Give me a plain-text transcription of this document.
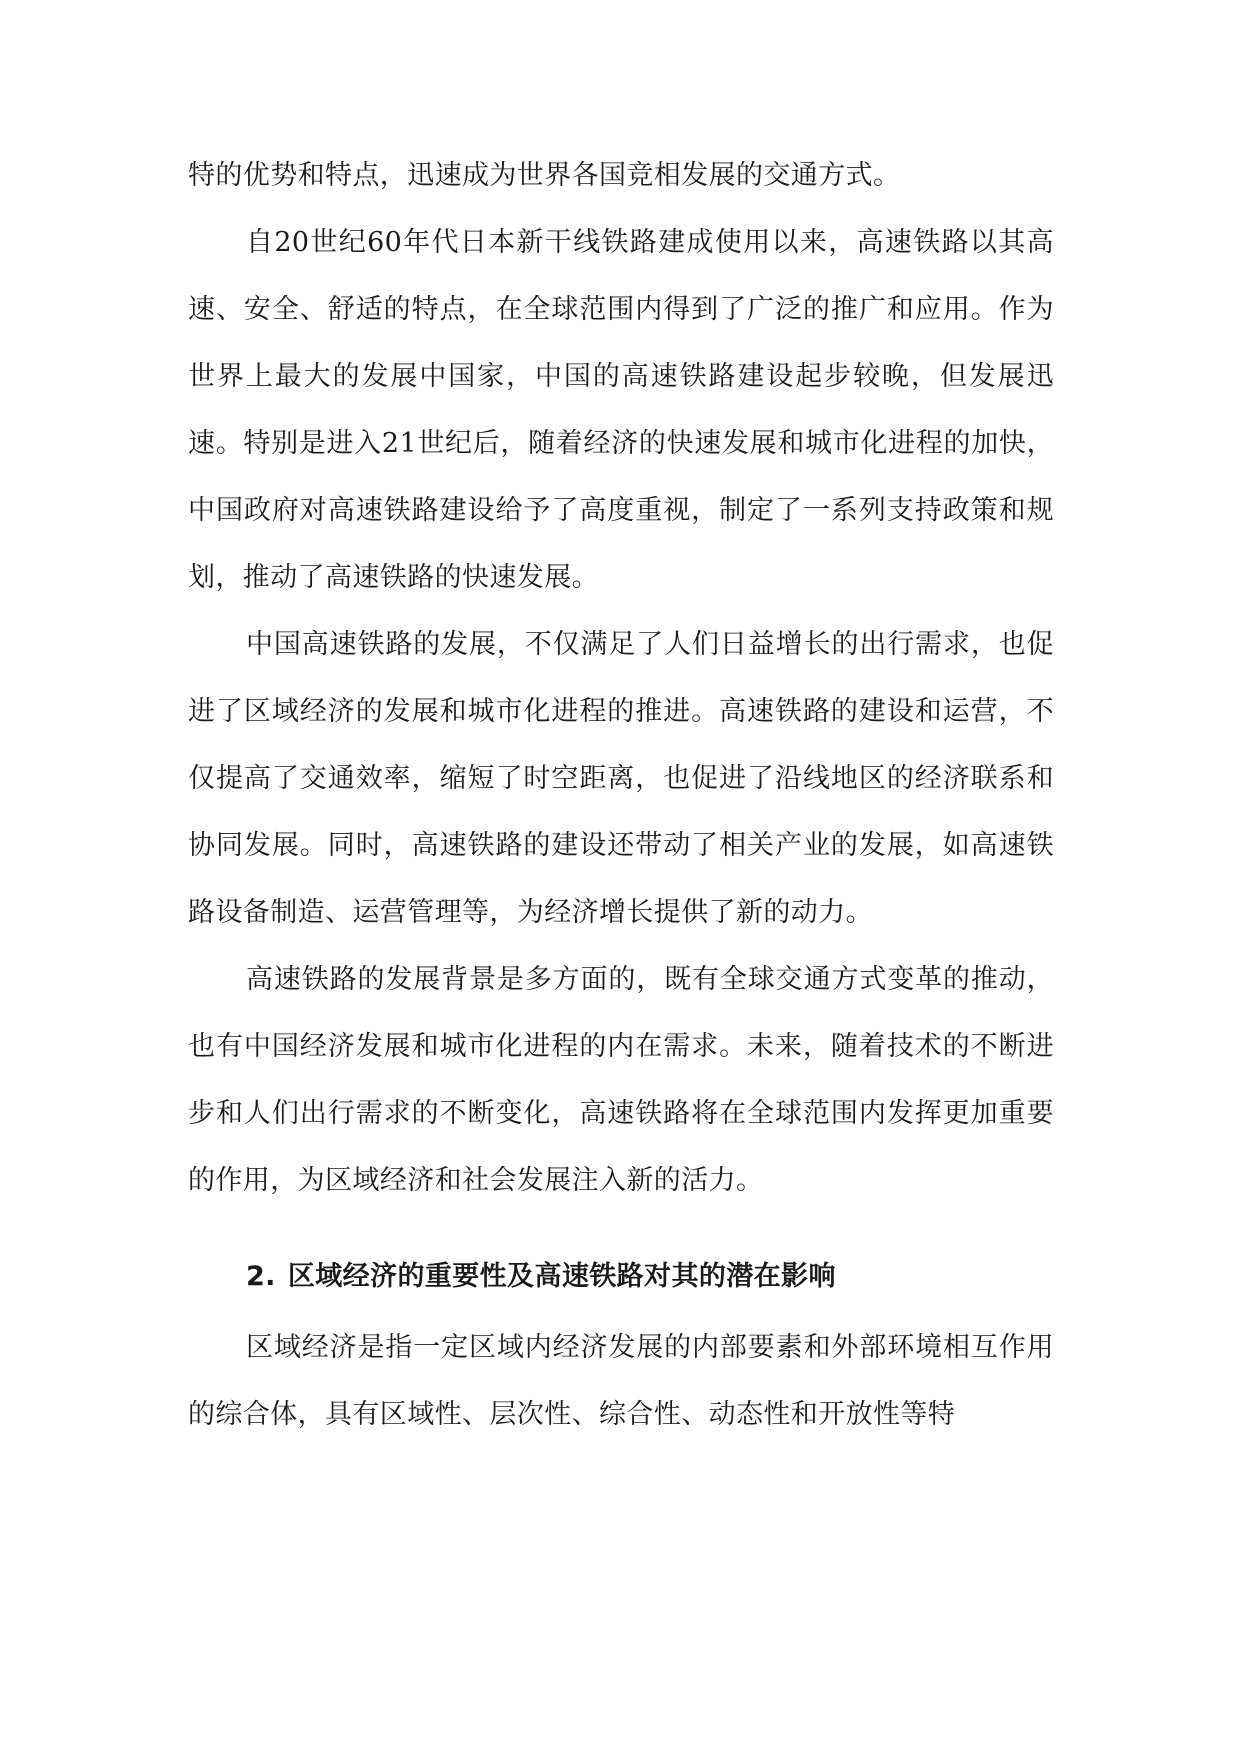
特的优势和特点，迅速成为世界各国竞相发展的交通方式。

自20世纪60年代日本新干线铁路建成使用以来，高速铁路以其高速、安全、舒适的特点，在全球范围内得到了广泛的推广和应用。作为世界上最大的发展中国家，中国的高速铁路建设起步较晚，但发展迅速。特别是进入21世纪后，随着经济的快速发展和城市化进程的加快，中国政府对高速铁路建设给予了高度重视，制定了一系列支持政策和规划，推动了高速铁路的快速发展。

中国高速铁路的发展，不仅满足了人们日益增长的出行需求，也促进了区域经济的发展和城市化进程的推进。高速铁路的建设和运营，不仅提高了交通效率，缩短了时空距离，也促进了沿线地区的经济联系和协同发展。同时，高速铁路的建设还带动了相关产业的发展，如高速铁路设备制造、运营管理等，为经济增长提供了新的动力。

高速铁路的发展背景是多方面的，既有全球交通方式变革的推动，也有中国经济发展和城市化进程的内在需求。未来，随着技术的不断进步和人们出行需求的不断变化，高速铁路将在全球范围内发挥更加重要的作用，为区域经济和社会发展注入新的活力。

2. 区域经济的重要性及高速铁路对其的潜在影响

区域经济是指一定区域内经济发展的内部要素和外部环境相互作用的综合体，具有区域性、层次性、综合性、动态性和开放性等特
